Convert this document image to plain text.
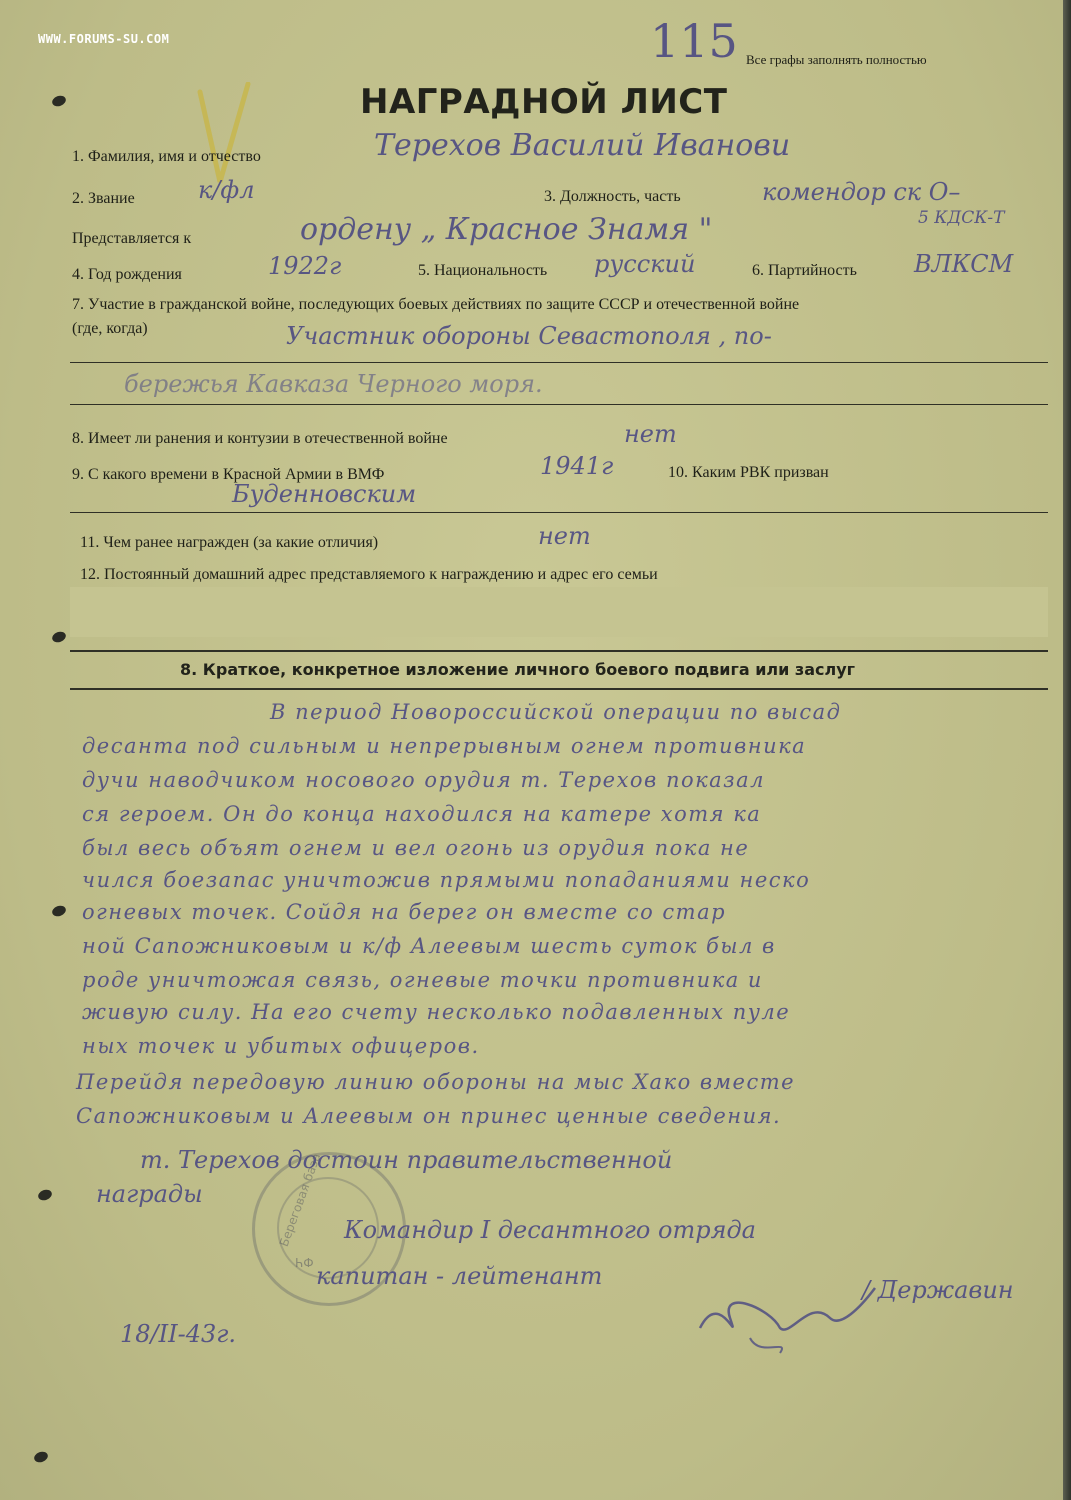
WWW.FORUMS-SU.COM	115 Все графы заполнять полностью
НАГРАДНОЙ ЛИСТ
1. Фамилия, имя и отчество	Терехов Василий Иванови
2. Звание	к/фл	3. Должность, часть	комендор ск О–
5 КДСК-Т
Представляется к	ордену „ Красное Знамя "
4. Год рождения	1922г	5. Национальность русский	6. Партийность ВЛКСМ
7. Участие в гражданской войне, последующих боевых действиях по защите СССР и отечественной войне
(где, когда)	Участник обороны Севастополя , по-
бережья Кавказа Черного моря.
8. Имеет ли ранения и контузии в отечественной войне	нет
9. С какого времени в Красной Армии в ВМФ	1941г	10. Каким РВК призван
Буденновским
11. Чем ранее награжден (за какие отличия)	нет
12. Постоянный домашний адрес представляемого к награждению и адрес его семьи
8. Краткое, конкретное изложение личного боевого подвига или заслуг
В период Новороссийской операции по высад
десанта под сильным и непрерывным огнем противника
дучи наводчиком носового орудия т. Терехов показал
ся героем. Он до конца находился на катере хотя ка
был весь объят огнем и вел огонь из орудия пока не
чился боезапас уничтожив прямыми попаданиями неско
огневых точек. Сойдя на берег он вместе со стар
ной Сапожниковым и к/ф Алеевым шесть суток был в
роде уничтожая связь, огневые точки противника и
живую силу. На его счету несколько подавленных пуле
ных точек и убитых офицеров.
Перейдя передовую линию обороны на мыс Хако вместе
Сапожниковым и Алеевым он принес ценные сведения.
т. Терехов достоин правительственной
награды
ФЧ
Береговая база Командир I десантного отряда
капитан - лейтенант	/ Державин
18/II-43г.
